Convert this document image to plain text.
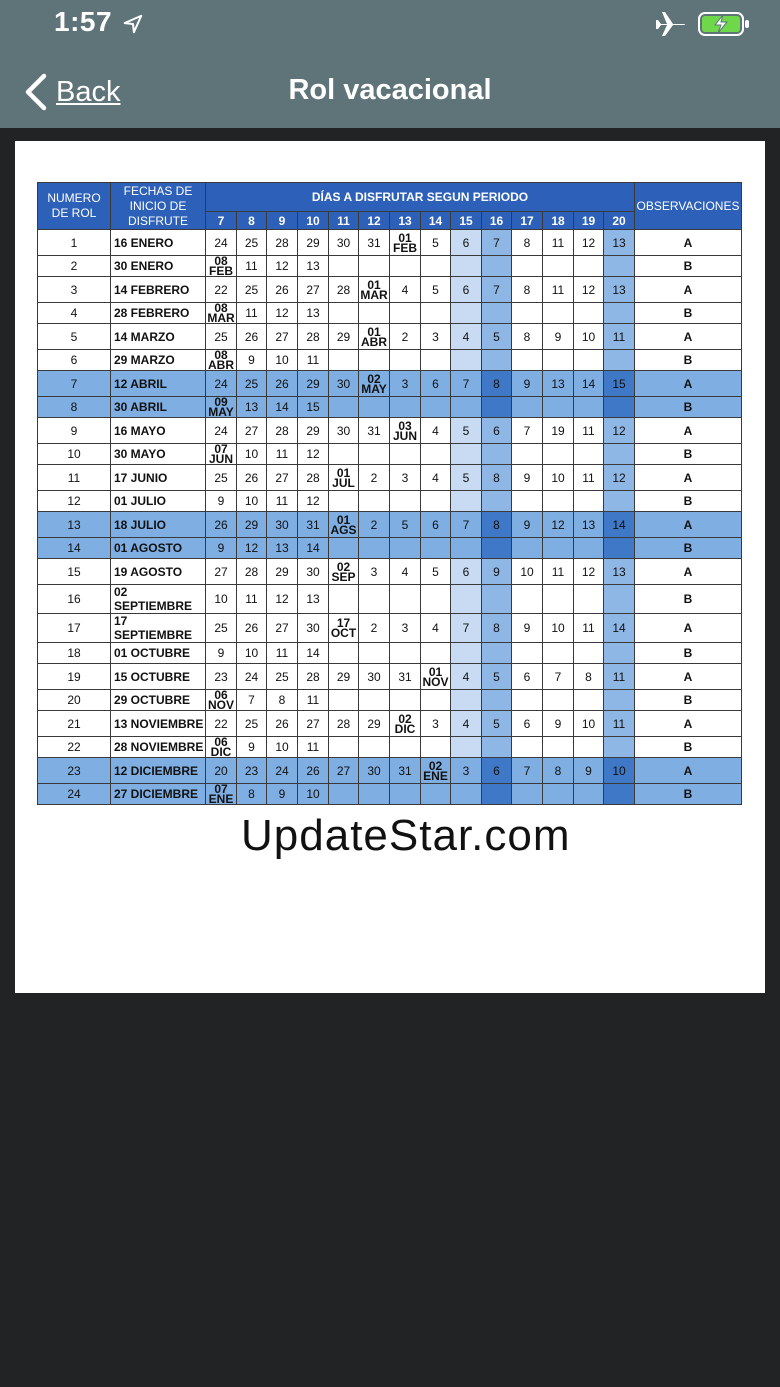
1:57
Back	Rol vacacional
NUMERO DE ROL	FECHAS DE INICIO DE DISFRUTE	DÍAS A DISFRUTAR SEGUN PERIODO														OBSERVACIONES
		7	8	9	10	11	12	13	14	15	16	17	18	19	20	
1	16 ENERO	24	25	28	29	30	31	01 FEB	5	6	7	8	11	12	13	A
2	30 ENERO	08 FEB	11	12	13											B
3	14 FEBRERO	22	25	26	27	28	01 MAR	4	5	6	7	8	11	12	13	A
4	28 FEBRERO	08 MAR	11	12	13											B
5	14 MARZO	25	26	27	28	29	01 ABR	2	3	4	5	8	9	10	11	A
6	29 MARZO	08 ABR	9	10	11											B
7	12 ABRIL	24	25	26	29	30	02 MAY	3	6	7	8	9	13	14	15	A
8	30 ABRIL	09 MAY	13	14	15											B
9	16 MAYO	24	27	28	29	30	31	03 JUN	4	5	6	7	19	11	12	A
10	30 MAYO	07 JUN	10	11	12											B
11	17 JUNIO	25	26	27	28	01 JUL	2	3	4	5	8	9	10	11	12	A
12	01 JULIO	9	10	11	12											B
13	18 JULIO	26	29	30	31	01 AGS	2	5	6	7	8	9	12	13	14	A
14	01 AGOSTO	9	12	13	14											B
15	19 AGOSTO	27	28	29	30	02 SEP	3	4	5	6	9	10	11	12	13	A
16	02 SEPTIEMBRE	10	11	12	13											B
17	17 SEPTIEMBRE	25	26	27	30	17 OCT	2	3	4	7	8	9	10	11	14	A
18	01 OCTUBRE	9	10	11	14											B
19	15 OCTUBRE	23	24	25	28	29	30	31	01 NOV	4	5	6	7	8	11	A
20	29 OCTUBRE	06 NOV	7	8	11											B
21	13 NOVIEMBRE	22	25	26	27	28	29	02 DIC	3	4	5	6	9	10	11	A
22	28 NOVIEMBRE	06 DIC	9	10	11											B
23	12 DICIEMBRE	20	23	24	26	27	30	31	02 ENE	3	6	7	8	9	10	A
24	27 DICIEMBRE	07 ENE	8	9	10											B
UpdateStar.com
